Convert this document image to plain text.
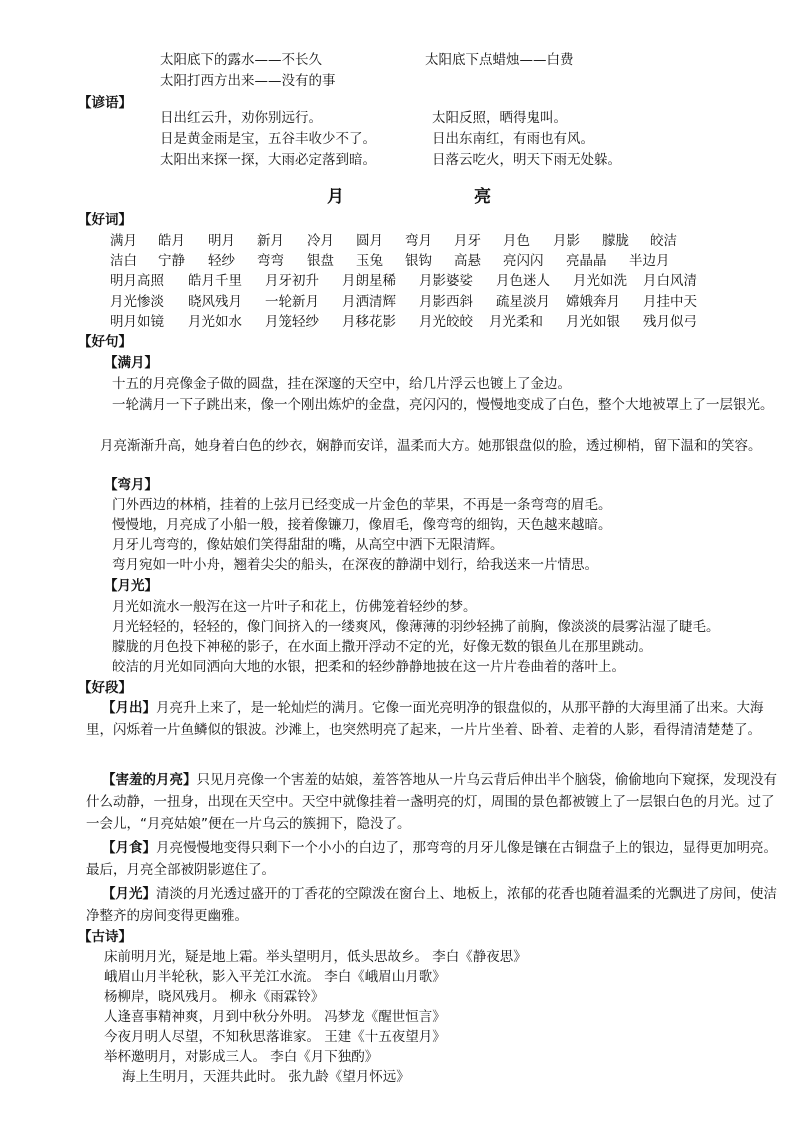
太阳底下的露水——不长久	太阳底下点蜡烛——白费
太阳打西方出来——没有的事
【谚语】
日出红云升，劝你别远行。	太阳反照，晒得鬼叫。
日是黄金雨是宝，五谷丰收少不了。	日出东南红，有雨也有风。
太阳出来探一探，大雨必定落到暗。	日落云吃火，明天下雨无处躲。
月	亮
【好词】
满月 皓月 明月 新月 冷月 圆月 弯月 月牙 月色 月影 朦胧 皎洁
洁白 宁静 轻纱 弯弯 银盘 玉兔 银钩 高悬 亮闪闪 亮晶晶 半边月
明月高照 皓月千里 月牙初升 月朗星稀 月影婆娑 月色迷人 月光如洗 月白风清
月光惨淡 晓风残月 一轮新月 月洒清辉 月影西斜 疏星淡月 嫦娥奔月 月挂中天
明月如镜 月光如水 月笼轻纱 月移花影 月光皎皎 月光柔和 月光如银 残月似弓
【好句】
【满月】
十五的月亮像金子做的圆盘，挂在深邃的天空中，给几片浮云也镀上了金边。
一轮满月一下子跳出来，像一个刚出炼炉的金盘，亮闪闪的，慢慢地变成了白色，整个大地被罩上了一层银光。
月亮渐渐升高，她身着白色的纱衣，娴静而安详，温柔而大方。她那银盘似的脸，透过柳梢，留下温和的笑容。
【弯月】
门外西边的林梢，挂着的上弦月已经变成一片金色的苹果，不再是一条弯弯的眉毛。
慢慢地，月亮成了小船一般，接着像镰刀，像眉毛，像弯弯的细钩，天色越来越暗。
月牙儿弯弯的，像姑娘们笑得甜甜的嘴，从高空中洒下无限清辉。
弯月宛如一叶小舟，翘着尖尖的船头，在深夜的静湖中划行，给我送来一片情思。
【月光】
月光如流水一般泻在这一片叶子和花上，仿佛笼着轻纱的梦。
月光轻轻的，轻轻的，像门间挤入的一缕爽风，像薄薄的羽纱轻拂了前胸，像淡淡的晨雾沾湿了睫毛。
朦胧的月色投下神秘的影子，在水面上撒开浮动不定的光，好像无数的银鱼儿在那里跳动。
皎洁的月光如同洒向大地的水银，把柔和的轻纱静静地披在这一片片卷曲着的落叶上。
【好段】
【月出】月亮升上来了，是一轮灿烂的满月。它像一面光亮明净的银盘似的，从那平静的大海里涌了出来。大海里，闪烁着一片鱼鳞似的银波。沙滩上，也突然明亮了起来，一片片坐着、卧着、走着的人影，看得清清楚楚了。
【害羞的月亮】只见月亮像一个害羞的姑娘，羞答答地从一片乌云背后伸出半个脑袋，偷偷地向下窥探，发现没有什么动静，一扭身，出现在天空中。天空中就像挂着一盏明亮的灯，周围的景色都被镀上了一层银白色的月光。过了一会儿，“月亮姑娘”便在一片乌云的簇拥下，隐没了。
【月食】月亮慢慢地变得只剩下一个小小的白边了，那弯弯的月牙儿像是镶在古铜盘子上的银边，显得更加明亮。最后，月亮全部被阴影遮住了。
【月光】清淡的月光透过盛开的丁香花的空隙泼在窗台上、地板上，浓郁的花香也随着温柔的光飘进了房间，使洁净整齐的房间变得更幽雅。
【古诗】
床前明月光，疑是地上霜。举头望明月，低头思故乡。 李白《静夜思》
峨眉山月半轮秋，影入平羌江水流。 李白《峨眉山月歌》
杨柳岸，晓风残月。 柳永《雨霖铃》
人逢喜事精神爽，月到中秋分外明。 冯梦龙《醒世恒言》
今夜月明人尽望，不知秋思落谁家。 王建《十五夜望月》
举杯邀明月，对影成三人。 李白《月下独酌》
海上生明月，天涯共此时。 张九龄《望月怀远》
